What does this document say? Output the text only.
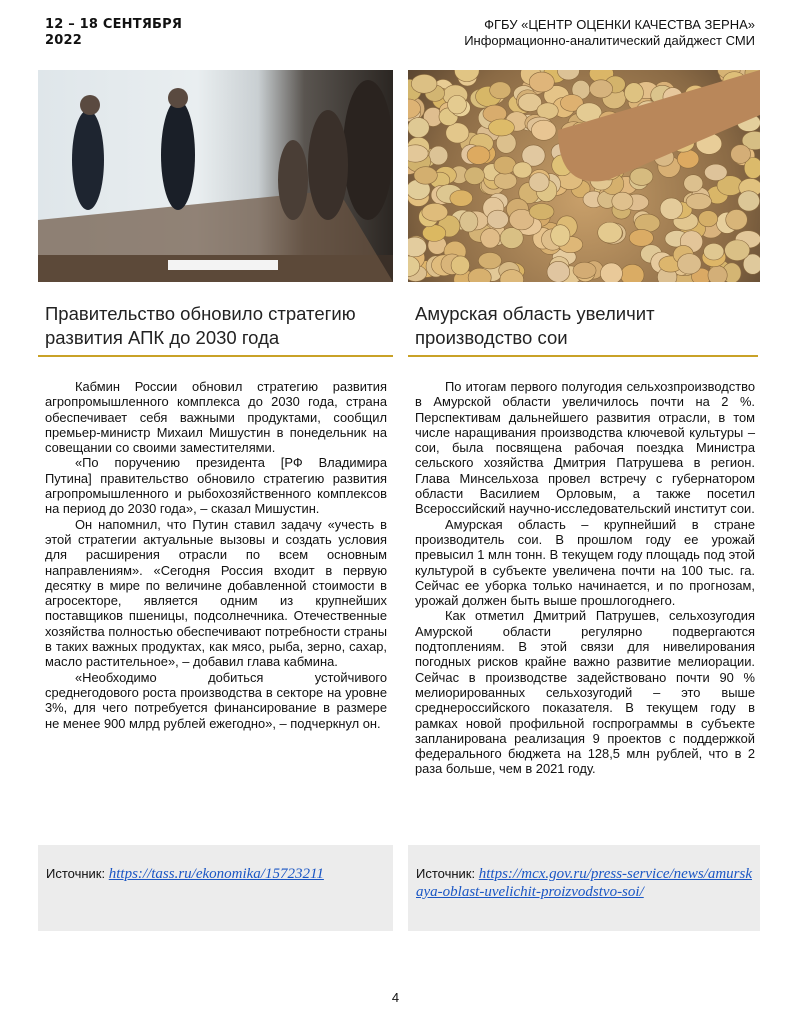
12 – 18 СЕНТЯБРЯ
2022
ФГБУ «ЦЕНТР ОЦЕНКИ КАЧЕСТВА ЗЕРНА»
Информационно-аналитический дайджест СМИ
Правительство обновило стратегию развития АПК до 2030 года
Амурская область увеличит производство сои

Кабмин России обновил стратегию развития агропромышленного комплекса до 2030 года, страна обеспечивает себя важными продуктами, сообщил премьер-министр Михаил Мишустин в понедельник на совещании со своими заместителями.

«По поручению президента [РФ Владимира Путина] правительство обновило стратегию развития агропромышленного и рыбохозяйственного комплексов на период до 2030 года», – сказал Мишустин.

Он напомнил, что Путин ставил задачу «учесть в этой стратегии актуальные вызовы и создать условия для расширения отрасли по всем основным направлениям». «Сегодня Россия входит в первую десятку в мире по величине добавленной стоимости в агросекторе, является одним из крупнейших поставщиков пшеницы, подсолнечника. Отечественные хозяйства полностью обеспечивают потребности страны в таких важных продуктах, как мясо, рыба, зерно, сахар, масло растительное», – добавил глава кабмина.

«Необходимо добиться устойчивого среднегодового роста производства в секторе на уровне 3%, для чего потребуется финансирование в размере не менее 900 млрд рублей ежегодно», – подчеркнул он.

По итогам первого полугодия сельхозпроизводство в Амурской области увеличилось почти на 2 %. Перспективам дальнейшего развития отрасли, в том числе наращивания производства ключевой культуры – сои, была посвящена рабочая поездка Министра сельского хозяйства Дмитрия Патрушева в регион. Глава Минсельхоза провел встречу с губернатором области Василием Орловым, а также посетил Всероссийский научно-исследовательский институт сои.

Амурская область – крупнейший в стране производитель сои. В прошлом году ее урожай превысил 1 млн тонн. В текущем году площадь под этой культурой в субъекте увеличена почти на 100 тыс. га. Сейчас ее уборка только начинается, и по прогнозам, урожай должен быть выше прошлогоднего.

Как отметил Дмитрий Патрушев, сельхозугодия Амурской области регулярно подвергаются подтоплениям. В этой связи для нивелирования погодных рисков крайне важно развитие мелиорации. Сейчас в производстве задействовано почти 90 % мелиорированных сельхозугодий – это выше среднероссийского показателя. В текущем году в рамках новой профильной госпрограммы в субъекте запланирована реализация 9 проектов с поддержкой федерального бюджета на 128,5 млн рублей, что в 2 раза больше, чем в 2021 году.

Источник: https://tass.ru/ekonomika/15723211	Источник: https://mcx.gov.ru/press-service/news/amurskaya-oblast-uvelichit-proizvodstvo-soi/
4
